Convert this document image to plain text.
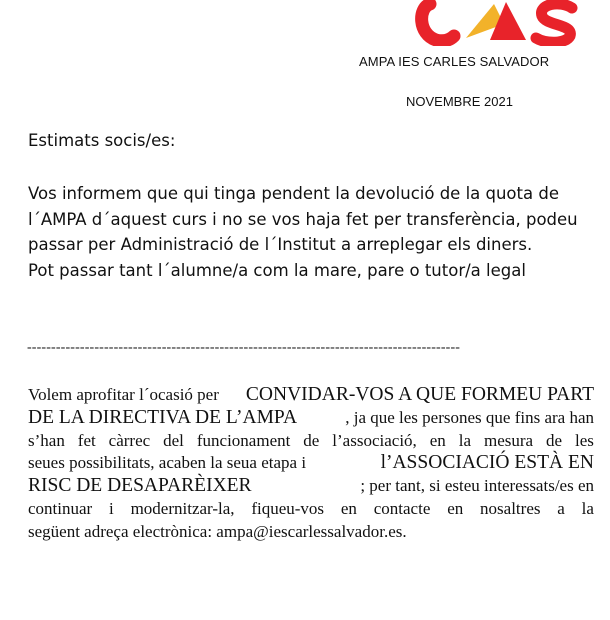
AMPA IES CARLES SALVADOR
NOVEMBRE 2021
Estimats socis/es:
Vos informem que qui tinga pendent la devolució de la quota de
l´AMPA d´aquest curs i no se vos haja fet per transferència, podeu
passar per Administració de l´Institut a arreplegar els diners.
Pot passar tant l´alumne/a com la mare, pare o tutor/a legal
------------------------------------------------------------------------------------------
Volem aprofitar l´ocasió per CONVIDAR-VOS A QUE FORMEU PART
DE LA DIRECTIVA DE L’AMPA	, ja que les persones que fins ara han
s’han fet càrrec del funcionament de l’associació, en la mesura de les
seues possibilitats, acaben la seua etapa i	l’ASSOCIACIÓ ESTÀ EN
RISC DE DESAPARÈIXER	; per tant, si esteu interessats/es en
continuar i modernitzar-la, fiqueu-vos en contacte en nosaltres a la
següent adreça electrònica: ampa@iescarlessalvador.es.
